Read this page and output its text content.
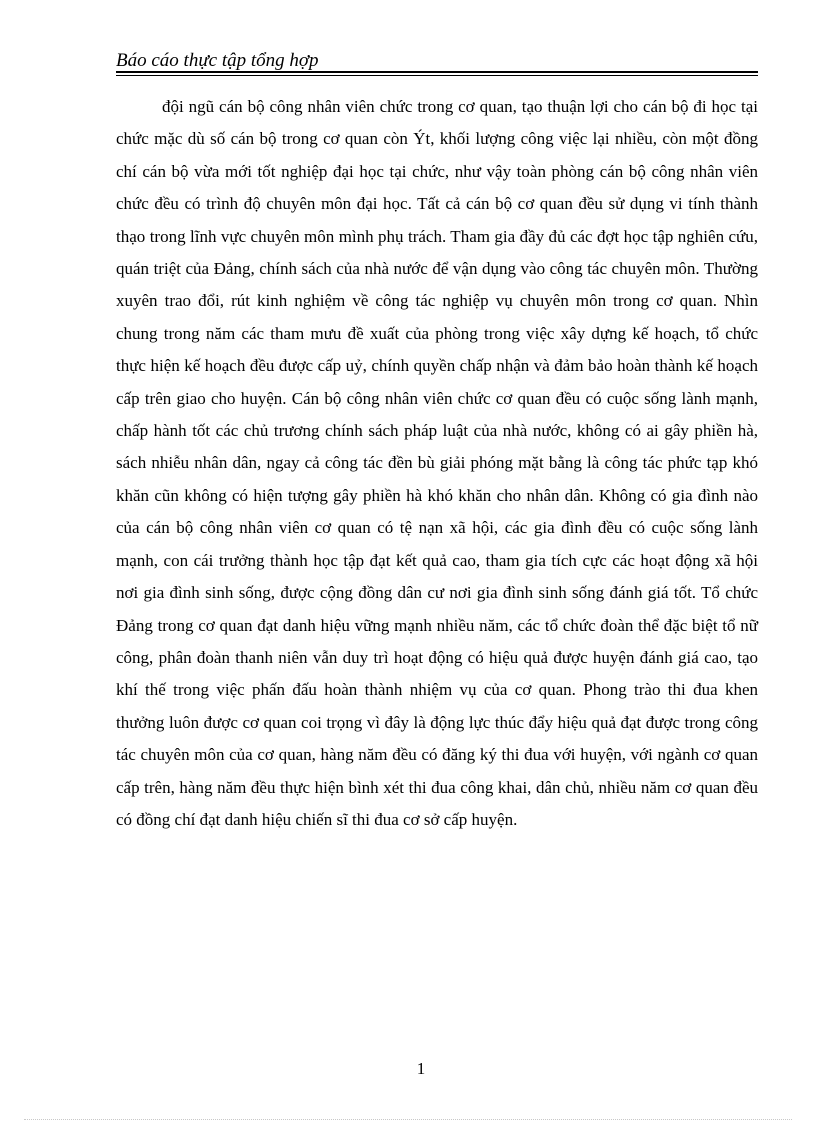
Báo cáo thực tập tổng hợp

đội ngũ cán bộ công nhân viên chức trong cơ quan, tạo thuận lợi cho cán bộ đi học tại chức mặc dù số cán bộ trong cơ quan còn Ýt, khối lượng công việc lại nhiều, còn một đồng chí cán bộ vừa mới tốt nghiệp đại học tại chức, như vậy toàn phòng cán bộ công nhân viên chức đều có trình độ chuyên môn đại học. Tất cả cán bộ cơ quan đều sử dụng vi tính thành thạo trong lĩnh vực chuyên môn mình phụ trách. Tham gia đầy đủ các đợt học tập nghiên cứu, quán triệt của Đảng, chính sách của nhà nước để vận dụng vào công tác chuyên môn. Thường xuyên trao đổi, rút kinh nghiệm về công tác nghiệp vụ chuyên môn trong cơ quan. Nhìn chung trong năm các tham mưu đề xuất của phòng trong việc xây dựng kế hoạch, tổ chức thực hiện kế hoạch đều được cấp uỷ, chính quyền chấp nhận và đảm bảo hoàn thành kế hoạch cấp trên giao cho huyện. Cán bộ công nhân viên chức cơ quan đều có cuộc sống lành mạnh, chấp hành tốt các chủ trương chính sách pháp luật của nhà nước, không có ai gây phiền hà, sách nhiễu nhân dân, ngay cả công tác đền bù giải phóng mặt bằng là công tác phức tạp khó khăn cũn không có hiện tượng gây phiền hà khó khăn cho nhân dân. Không có gia đình nào của cán bộ công nhân viên cơ quan có tệ nạn xã hội, các gia đình đều có cuộc sống lành mạnh, con cái trưởng thành học tập đạt kết quả cao, tham gia tích cực các hoạt động xã hội nơi gia đình sinh sống, được cộng đồng dân cư nơi gia đình sinh sống đánh giá tốt. Tổ chức Đảng trong cơ quan đạt danh hiệu vững mạnh nhiều năm, các tổ chức đoàn thể đặc biệt tổ nữ công, phân đoàn thanh niên vẫn duy trì hoạt động có hiệu quả được huyện đánh giá cao, tạo khí thế trong việc phấn đấu hoàn thành nhiệm vụ của cơ quan. Phong trào thi đua khen thưởng luôn được cơ quan coi trọng vì đây là động lực thúc đẩy hiệu quả đạt được trong công tác chuyên môn của cơ quan, hàng năm đều có đăng ký thi đua với huyện, với ngành cơ quan cấp trên, hàng năm đều thực hiện bình xét thi đua công khai, dân chủ, nhiều năm cơ quan đều có đồng chí đạt danh hiệu chiến sĩ thi đua cơ sở cấp huyện.

1
